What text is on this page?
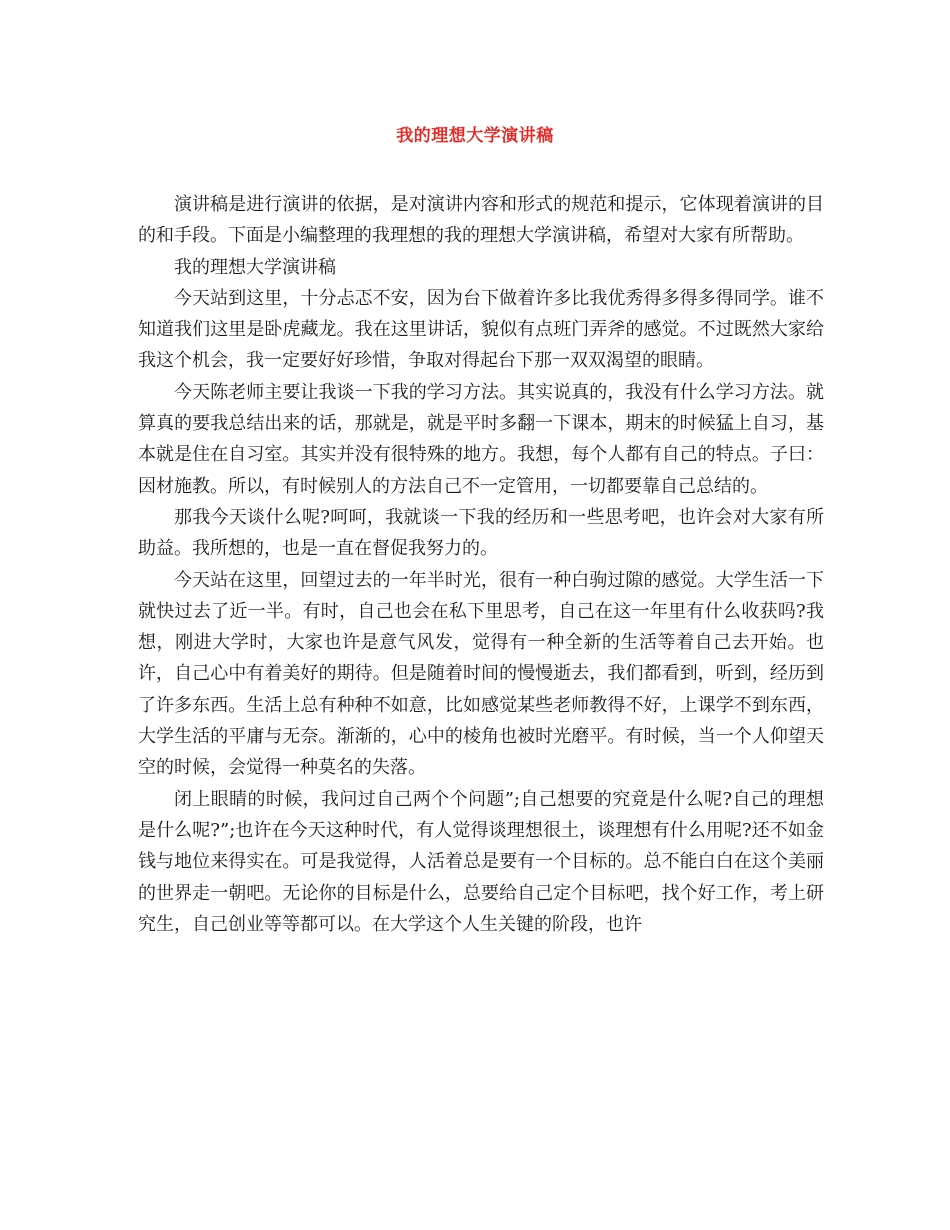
我的理想大学演讲稿

演讲稿是进行演讲的依据，是对演讲内容和形式的规范和提示，它体现着演讲的目的和手段。下面是小编整理的我理想的我的理想大学演讲稿，希望对大家有所帮助。

我的理想大学演讲稿

今天站到这里，十分忐忑不安，因为台下做着许多比我优秀得多得多得同学。谁不知道我们这里是卧虎藏龙。我在这里讲话，貌似有点班门弄斧的感觉。不过既然大家给我这个机会，我一定要好好珍惜，争取对得起台下那一双双渴望的眼睛。

今天陈老师主要让我谈一下我的学习方法。其实说真的，我没有什么学习方法。就算真的要我总结出来的话，那就是，就是平时多翻一下课本，期末的时候猛上自习，基本就是住在自习室。其实并没有很特殊的地方。我想，每个人都有自己的特点。子曰：因材施教。所以，有时候别人的方法自己不一定管用，一切都要靠自己总结的。

那我今天谈什么呢?呵呵，我就谈一下我的经历和一些思考吧，也许会对大家有所助益。我所想的，也是一直在督促我努力的。

今天站在这里，回望过去的一年半时光，很有一种白驹过隙的感觉。大学生活一下就快过去了近一半。有时，自己也会在私下里思考，自己在这一年里有什么收获吗?我想，刚进大学时，大家也许是意气风发，觉得有一种全新的生活等着自己去开始。也许，自己心中有着美好的期待。但是随着时间的慢慢逝去，我们都看到，听到，经历到了许多东西。生活上总有种种不如意，比如感觉某些老师教得不好，上课学不到东西，大学生活的平庸与无奈。渐渐的，心中的棱角也被时光磨平。有时候，当一个人仰望天空的时候，会觉得一种莫名的失落。

闭上眼睛的时候，我问过自己两个个问题”;自己想要的究竟是什么呢?自己的理想是什么呢?”;也许在今天这种时代，有人觉得谈理想很土，谈理想有什么用呢?还不如金钱与地位来得实在。可是我觉得，人活着总是要有一个目标的。总不能白白在这个美丽的世界走一朝吧。无论你的目标是什么，总要给自己定个目标吧，找个好工作，考上研究生，自己创业等等都可以。在大学这个人生关键的阶段，也许
